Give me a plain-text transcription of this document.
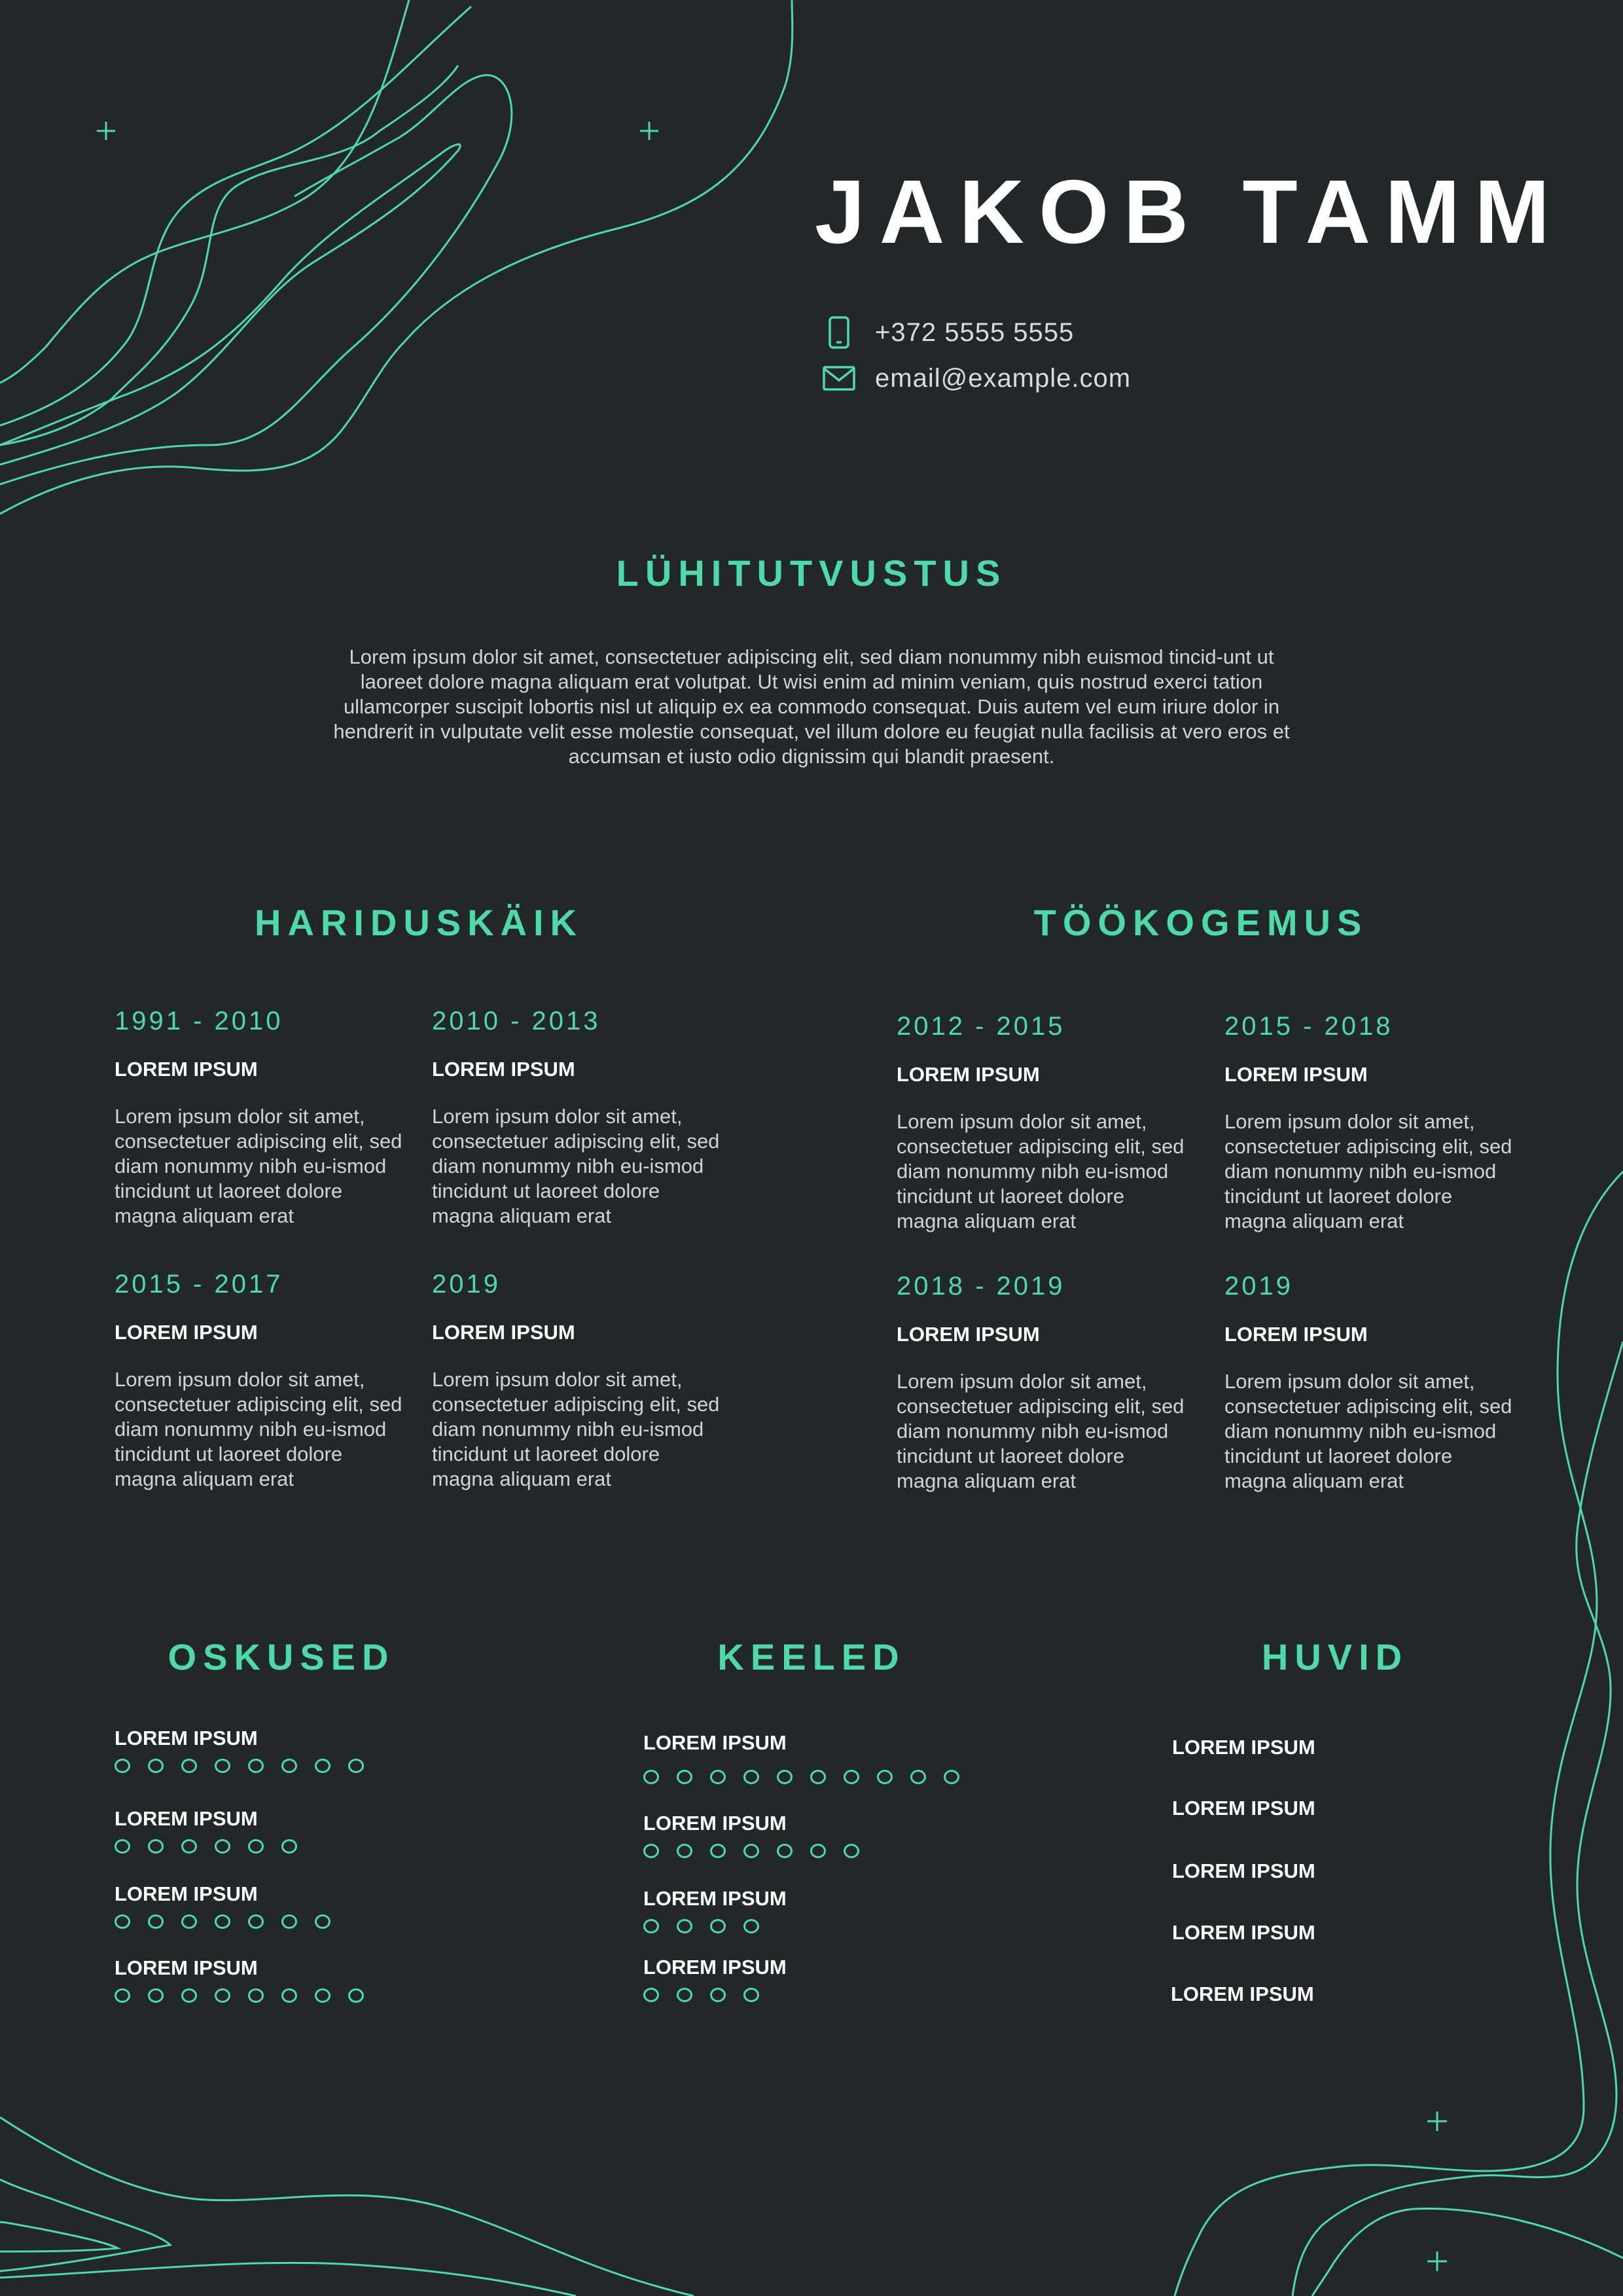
JAKOB TAMM
+372 5555 5555
email@example.com
LÜHITUTVUSTUS
Lorem ipsum dolor sit amet, consectetuer adipiscing elit, sed diam nonummy nibh euismod tincid-unt ut laoreet dolore magna aliquam erat volutpat. Ut wisi enim ad minim veniam, quis nostrud exerci tation ullamcorper suscipit lobortis nisl ut aliquip ex ea commodo consequat. Duis autem vel eum iriure dolor in hendrerit in vulputate velit esse molestie consequat, vel illum dolore eu feugiat nulla facilisis at vero eros et accumsan et iusto odio dignissim qui blandit praesent.
HARIDUSKÄIK
1991 - 2010
LOREM IPSUM
Lorem ipsum dolor sit amet, consectetuer adipiscing elit, sed diam nonummy nibh eu-ismod tincidunt ut laoreet dolore magna aliquam erat
2010 - 2013
LOREM IPSUM
Lorem ipsum dolor sit amet, consectetuer adipiscing elit, sed diam nonummy nibh eu-ismod tincidunt ut laoreet dolore magna aliquam erat
2015 - 2017
LOREM IPSUM
Lorem ipsum dolor sit amet, consectetuer adipiscing elit, sed diam nonummy nibh eu-ismod tincidunt ut laoreet dolore magna aliquam erat
2019
LOREM IPSUM
Lorem ipsum dolor sit amet, consectetuer adipiscing elit, sed diam nonummy nibh eu-ismod tincidunt ut laoreet dolore magna aliquam erat
TÖÖKOGEMUS
2012 - 2015
LOREM IPSUM
Lorem ipsum dolor sit amet, consectetuer adipiscing elit, sed diam nonummy nibh eu-ismod tincidunt ut laoreet dolore magna aliquam erat
2015 - 2018
LOREM IPSUM
Lorem ipsum dolor sit amet, consectetuer adipiscing elit, sed diam nonummy nibh eu-ismod tincidunt ut laoreet dolore magna aliquam erat
2018 - 2019
LOREM IPSUM
Lorem ipsum dolor sit amet, consectetuer adipiscing elit, sed diam nonummy nibh eu-ismod tincidunt ut laoreet dolore magna aliquam erat
2019
LOREM IPSUM
Lorem ipsum dolor sit amet, consectetuer adipiscing elit, sed diam nonummy nibh eu-ismod tincidunt ut laoreet dolore magna aliquam erat
OSKUSED
LOREM IPSUM
LOREM IPSUM
LOREM IPSUM
LOREM IPSUM
KEELED
LOREM IPSUM
LOREM IPSUM
LOREM IPSUM
LOREM IPSUM
HUVID
LOREM IPSUM
LOREM IPSUM
LOREM IPSUM
LOREM IPSUM
LOREM IPSUM
